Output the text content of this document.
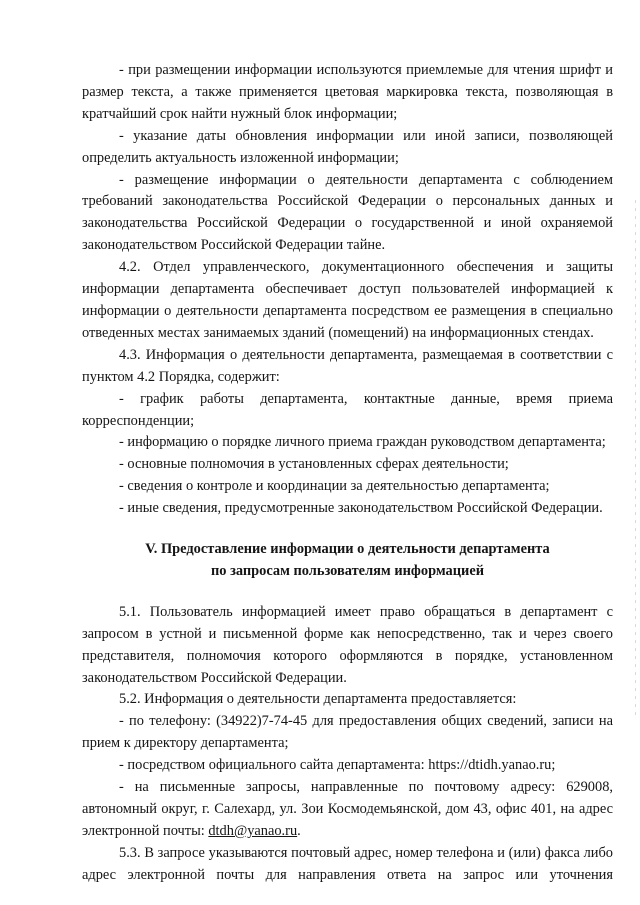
- при размещении информации используются приемлемые для чтения шрифт и размер текста, а также применяется цветовая маркировка текста, позволяющая в кратчайший срок найти нужный блок информации;

- указание даты обновления информации или иной записи, позволяющей определить актуальность изложенной информации;

- размещение информации о деятельности департамента с соблюдением требований законодательства Российской Федерации о персональных данных и законодательства Российской Федерации о государственной и иной охраняемой законодательством Российской Федерации тайне.

4.2. Отдел управленческого, документационного обеспечения и защиты информации департамента обеспечивает доступ пользователей информацией к информации о деятельности департамента посредством ее размещения в специально отведенных местах занимаемых зданий (помещений) на информационных стендах.

4.3. Информация о деятельности департамента, размещаемая в соответствии с пунктом 4.2 Порядка, содержит:

- график работы департамента, контактные данные, время приема корреспонденции;

- информацию о порядке личного приема граждан руководством департамента;

- основные полномочия в установленных сферах деятельности;

- сведения о контроле и координации за деятельностью департамента;

- иные сведения, предусмотренные законодательством Российской Федерации.

V. Предоставление информации о деятельности департамента

по запросам пользователям информацией

5.1. Пользователь информацией имеет право обращаться в департамент с запросом в устной и письменной форме как непосредственно, так и через своего представителя, полномочия которого оформляются в порядке, установленном законодательством Российской Федерации.

5.2. Информация о деятельности департамента предоставляется:

- по телефону: (34922)7-74-45 для предоставления общих сведений, записи на прием к директору департамента;

- посредством официального сайта департамента: https://dtidh.yanao.ru;

- на письменные запросы, направленные по почтовому адресу: 629008, автономный округ, г. Салехард, ул. Зои Космодемьянской, дом 43, офис 401, на адрес электронной почты: dtdh@yanao.ru.

5.3. В запросе указываются почтовый адрес, номер телефона и (или) факса либо адрес электронной почты для направления ответа на запрос или уточнения
